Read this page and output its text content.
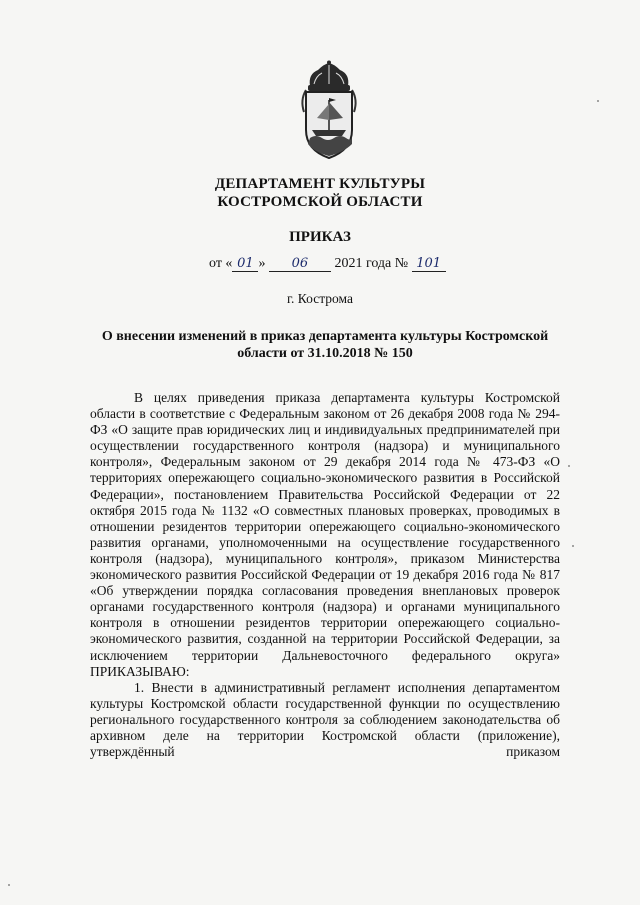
ДЕПАРТАМЕНТ КУЛЬТУРЫ
КОСТРОМСКОЙ ОБЛАСТИ
ПРИКАЗ
от « 01 » 06 2021 года № 101
г. Кострома
О внесении изменений в приказ департамента культуры Костромской
области от 31.10.2018 № 150

В целях приведения приказа департамента культуры Костромской области в соответствие с Федеральным законом от 26 декабря 2008 года № 294-ФЗ «О защите прав юридических лиц и индивидуальных предпринимателей при осуществлении государственного контроля (надзора) и муниципального контроля», Федеральным законом от 29 декабря 2014 года № 473-ФЗ «О территориях опережающего социально-экономического развития в Российской Федерации», постановлением Правительства Российской Федерации от 22 октября 2015 года № 1132 «О совместных плановых проверках, проводимых в отношении резидентов территории опережающего социально-экономического развития органами, уполномоченными на осуществление государственного контроля (надзора), муниципального контроля», приказом Министерства экономического развития Российской Федерации от 19 декабря 2016 года № 817 «Об утверждении порядка согласования проведения внеплановых проверок органами государственного контроля (надзора) и органами муниципального контроля в отношении резидентов территории опережающего социально-экономического развития, созданной на территории Российской Федерации, за исключением территории Дальневосточного федерального округа» ПРИКАЗЫВАЮ:

1. Внести в административный регламент исполнения департаментом культуры Костромской области государственной функции по осуществлению регионального государственного контроля за соблюдением законодательства об архивном деле на территории Костромской области (приложение), утверждённый приказом
